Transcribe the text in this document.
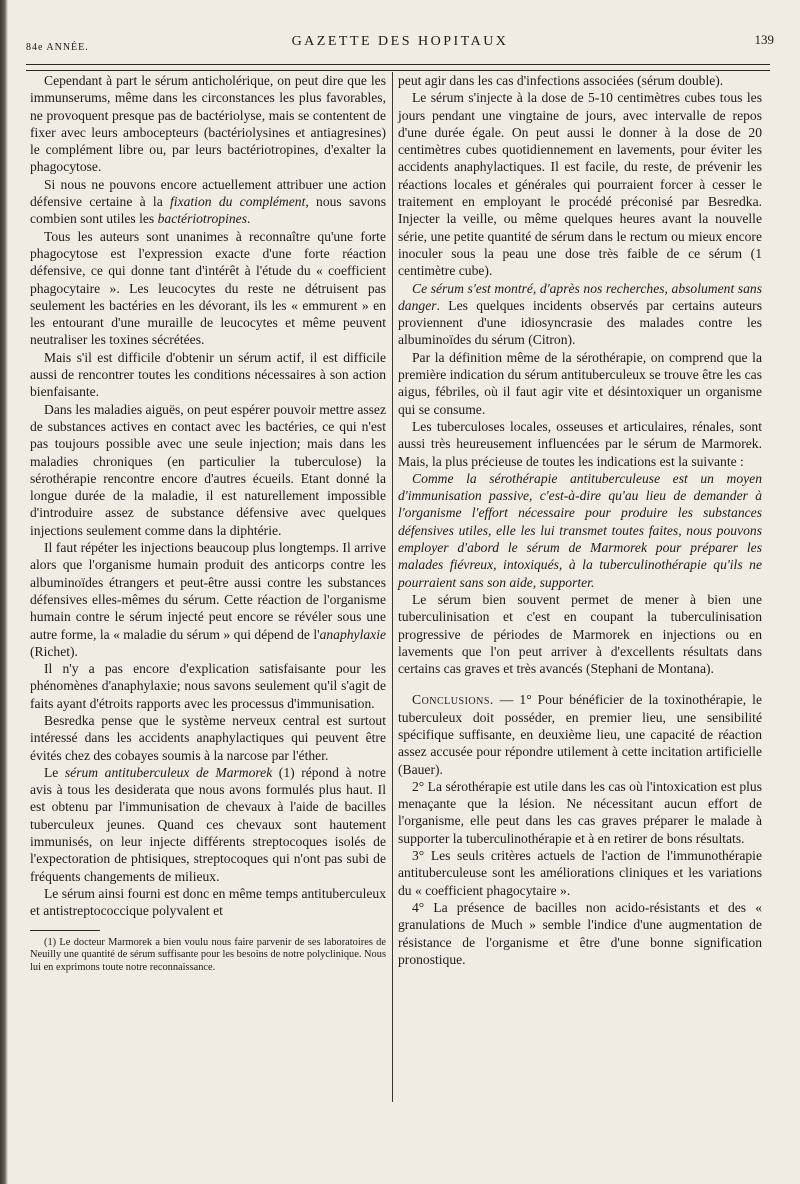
84e ANNÉE.	GAZETTE DES HOPITAUX	139

Cependant à part le sérum anticholérique, on peut dire que les immunserums, même dans les circonstances les plus favorables, ne provoquent presque pas de bactériolyse, mais se contentent de fixer avec leurs ambocepteurs (bactériolysines et antiagresines) le complément libre ou, par leurs bactériotropines, d'exalter la phagocytose.

Si nous ne pouvons encore actuellement attribuer une action défensive certaine à la fixation du complément, nous savons combien sont utiles les bactériotropines.

Tous les auteurs sont unanimes à reconnaître qu'une forte phagocytose est l'expression exacte d'une forte réaction défensive, ce qui donne tant d'intérêt à l'étude du « coefficient phagocytaire ». Les leucocytes du reste ne détruisent pas seulement les bactéries en les dévorant, ils les « emmurent » en les entourant d'une muraille de leucocytes et même peuvent neutraliser les toxines sécrétées.

Mais s'il est difficile d'obtenir un sérum actif, il est difficile aussi de rencontrer toutes les conditions nécessaires à son action bienfaisante.

Dans les maladies aiguës, on peut espérer pouvoir mettre assez de substances actives en contact avec les bactéries, ce qui n'est pas toujours possible avec une seule injection; mais dans les maladies chroniques (en particulier la tuberculose) la sérothérapie rencontre encore d'autres écueils. Etant donné la longue durée de la maladie, il est naturellement impossible d'introduire assez de substance défensive avec quelques injections seulement comme dans la diphtérie.

Il faut répéter les injections beaucoup plus longtemps. Il arrive alors que l'organisme humain produit des anticorps contre les albuminoïdes étrangers et peut-être aussi contre les substances défensives elles-mêmes du sérum. Cette réaction de l'organisme humain contre le sérum injecté peut encore se révéler sous une autre forme, la « maladie du sérum » qui dépend de l'anaphylaxie (Richet).

Il n'y a pas encore d'explication satisfaisante pour les phénomènes d'anaphylaxie; nous savons seulement qu'il s'agit de faits ayant d'étroits rapports avec les processus d'immunisation.

Besredka pense que le système nerveux central est surtout intéressé dans les accidents anaphylactiques qui peuvent être évités chez des cobayes soumis à la narcose par l'éther.

Le sérum antituberculeux de Marmorek (1) répond à notre avis à tous les desiderata que nous avons formulés plus haut. Il est obtenu par l'immunisation de chevaux à l'aide de bacilles tuberculeux jeunes. Quand ces chevaux sont hautement immunisés, on leur injecte différents streptocoques isolés de l'expectoration de phtisiques, streptocoques qui n'ont pas subi de fréquents changements de milieux.

Le sérum ainsi fourni est donc en même temps antituberculeux et antistreptococcique polyvalent et

(1) Le docteur Marmorek a bien voulu nous faire parvenir de ses laboratoires de Neuilly une quantité de sérum suffisante pour les besoins de notre polyclinique. Nous lui en exprimons toute notre reconnaissance.

peut agir dans les cas d'infections associées (sérum double).

Le sérum s'injecte à la dose de 5-10 centimètres cubes tous les jours pendant une vingtaine de jours, avec intervalle de repos d'une durée égale. On peut aussi le donner à la dose de 20 centimètres cubes quotidiennement en lavements, pour éviter les accidents anaphylactiques. Il est facile, du reste, de prévenir les réactions locales et générales qui pourraient forcer à cesser le traitement en employant le procédé préconisé par Besredka. Injecter la veille, ou même quelques heures avant la nouvelle série, une petite quantité de sérum dans le rectum ou mieux encore inoculer sous la peau une dose très faible de ce sérum (1 centimètre cube).

Ce sérum s'est montré, d'après nos recherches, absolument sans danger. Les quelques incidents observés par certains auteurs proviennent d'une idiosyncrasie des malades contre les albuminoïdes du sérum (Citron).

Par la définition même de la sérothérapie, on comprend que la première indication du sérum antituberculeux se trouve être les cas aigus, fébriles, où il faut agir vite et désintoxiquer un organisme qui se consume.

Les tuberculoses locales, osseuses et articulaires, rénales, sont aussi très heureusement influencées par le sérum de Marmorek. Mais, la plus précieuse de toutes les indications est la suivante :

Comme la sérothérapie antituberculeuse est un moyen d'immunisation passive, c'est-à-dire qu'au lieu de demander à l'organisme l'effort nécessaire pour produire les substances défensives utiles, elle les lui transmet toutes faites, nous pouvons employer d'abord le sérum de Marmorek pour préparer les malades fiévreux, intoxiqués, à la tuberculinothérapie qu'ils ne pourraient sans son aide, supporter.

Le sérum bien souvent permet de mener à bien une tuberculinisation et c'est en coupant la tuberculinisation progressive de périodes de Marmorek en injections ou en lavements que l'on peut arriver à d'excellents résultats dans certains cas graves et très avancés (Stephani de Montana).

Conclusions. — 1° Pour bénéficier de la toxinothérapie, le tuberculeux doit posséder, en premier lieu, une sensibilité spécifique suffisante, en deuxième lieu, une capacité de réaction assez accusée pour répondre utilement à cette incitation artificielle (Bauer).

2° La sérothérapie est utile dans les cas où l'intoxication est plus menaçante que la lésion. Ne nécessitant aucun effort de l'organisme, elle peut dans les cas graves préparer le malade à supporter la tuberculinothérapie et à en retirer de bons résultats.

3° Les seuls critères actuels de l'action de l'immunothérapie antituberculeuse sont les améliorations cliniques et les variations du « coefficient phagocytaire ».

4° La présence de bacilles non acido-résistants et des « granulations de Much » semble l'indice d'une augmentation de résistance de l'organisme et être d'une bonne signification pronostique.
